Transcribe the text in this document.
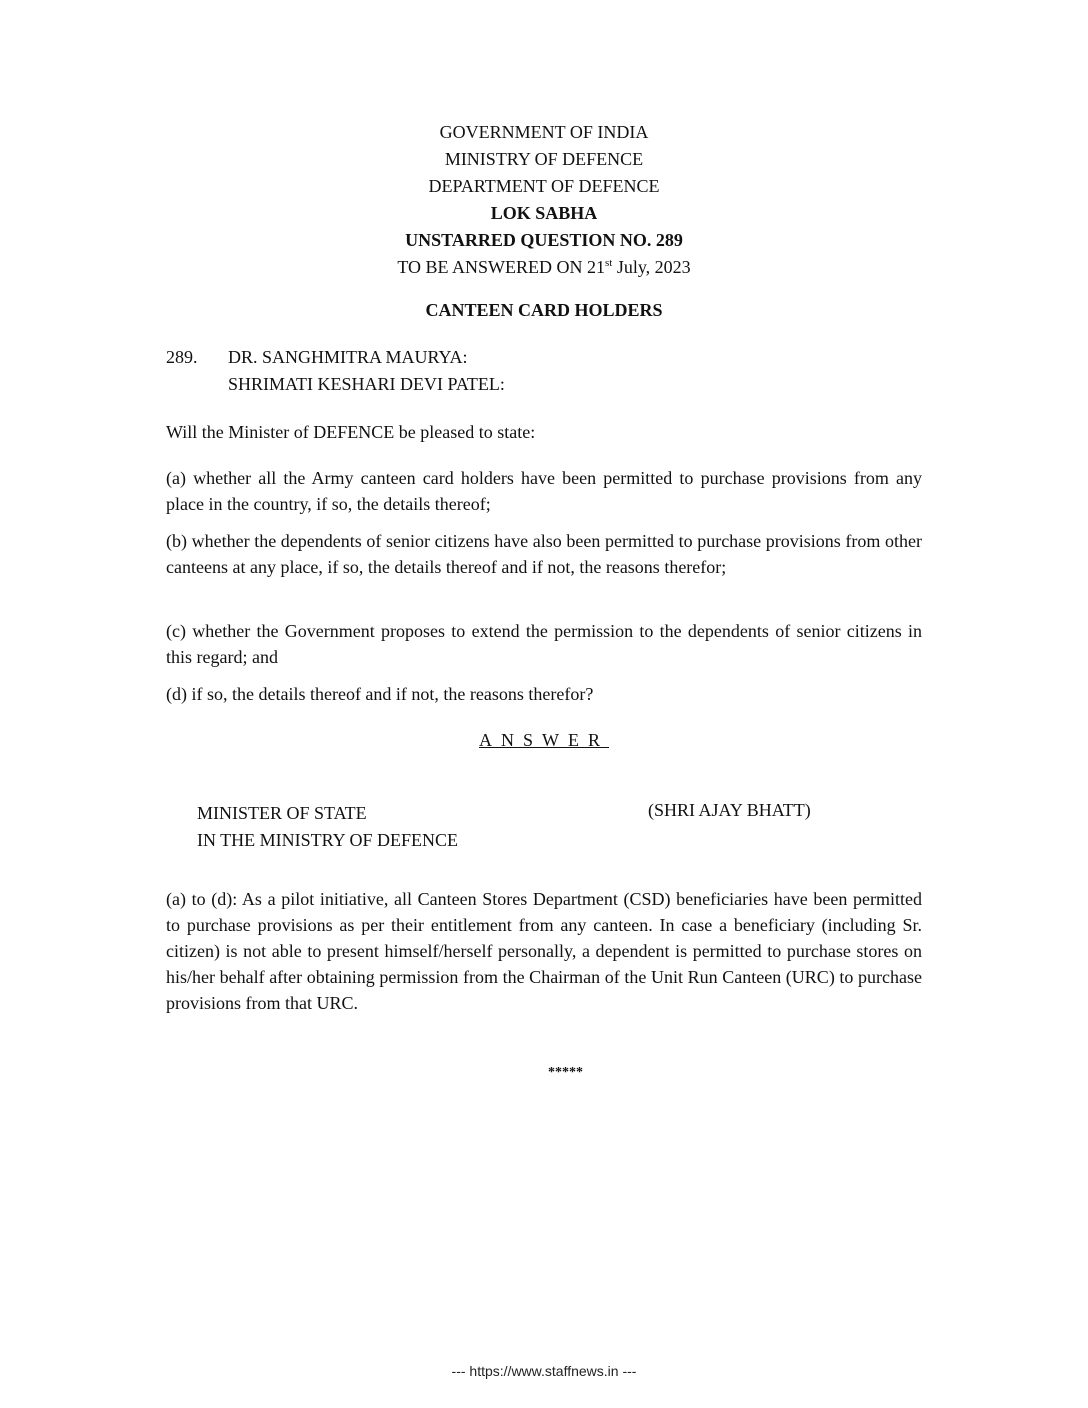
GOVERNMENT OF INDIA
MINISTRY OF DEFENCE
DEPARTMENT OF DEFENCE
LOK SABHA
UNSTARRED QUESTION NO. 289
TO BE ANSWERED ON 21st July, 2023
CANTEEN CARD HOLDERS
289. DR. SANGHMITRA MAURYA:
SHRIMATI KESHARI DEVI PATEL:
Will the Minister of DEFENCE be pleased to state:
(a) whether all the Army canteen card holders have been permitted to purchase provisions from any place in the country, if so, the details thereof;
(b) whether the dependents of senior citizens have also been permitted to purchase provisions from other canteens at any place, if so, the details thereof and if not, the reasons therefor;
(c) whether the Government proposes to extend the permission to the dependents of senior citizens in this regard; and
(d) if so, the details thereof and if not, the reasons therefor?
ANSWER
MINISTER OF STATE
IN THE MINISTRY OF DEFENCE
(SHRI AJAY BHATT)
(a) to (d): As a pilot initiative, all Canteen Stores Department (CSD) beneficiaries have been permitted to purchase provisions as per their entitlement from any canteen. In case a beneficiary (including Sr. citizen) is not able to present himself/herself personally, a dependent is permitted to purchase stores on his/her behalf after obtaining permission from the Chairman of the Unit Run Canteen (URC) to purchase provisions from that URC.
*****
--- https://www.staffnews.in ---
